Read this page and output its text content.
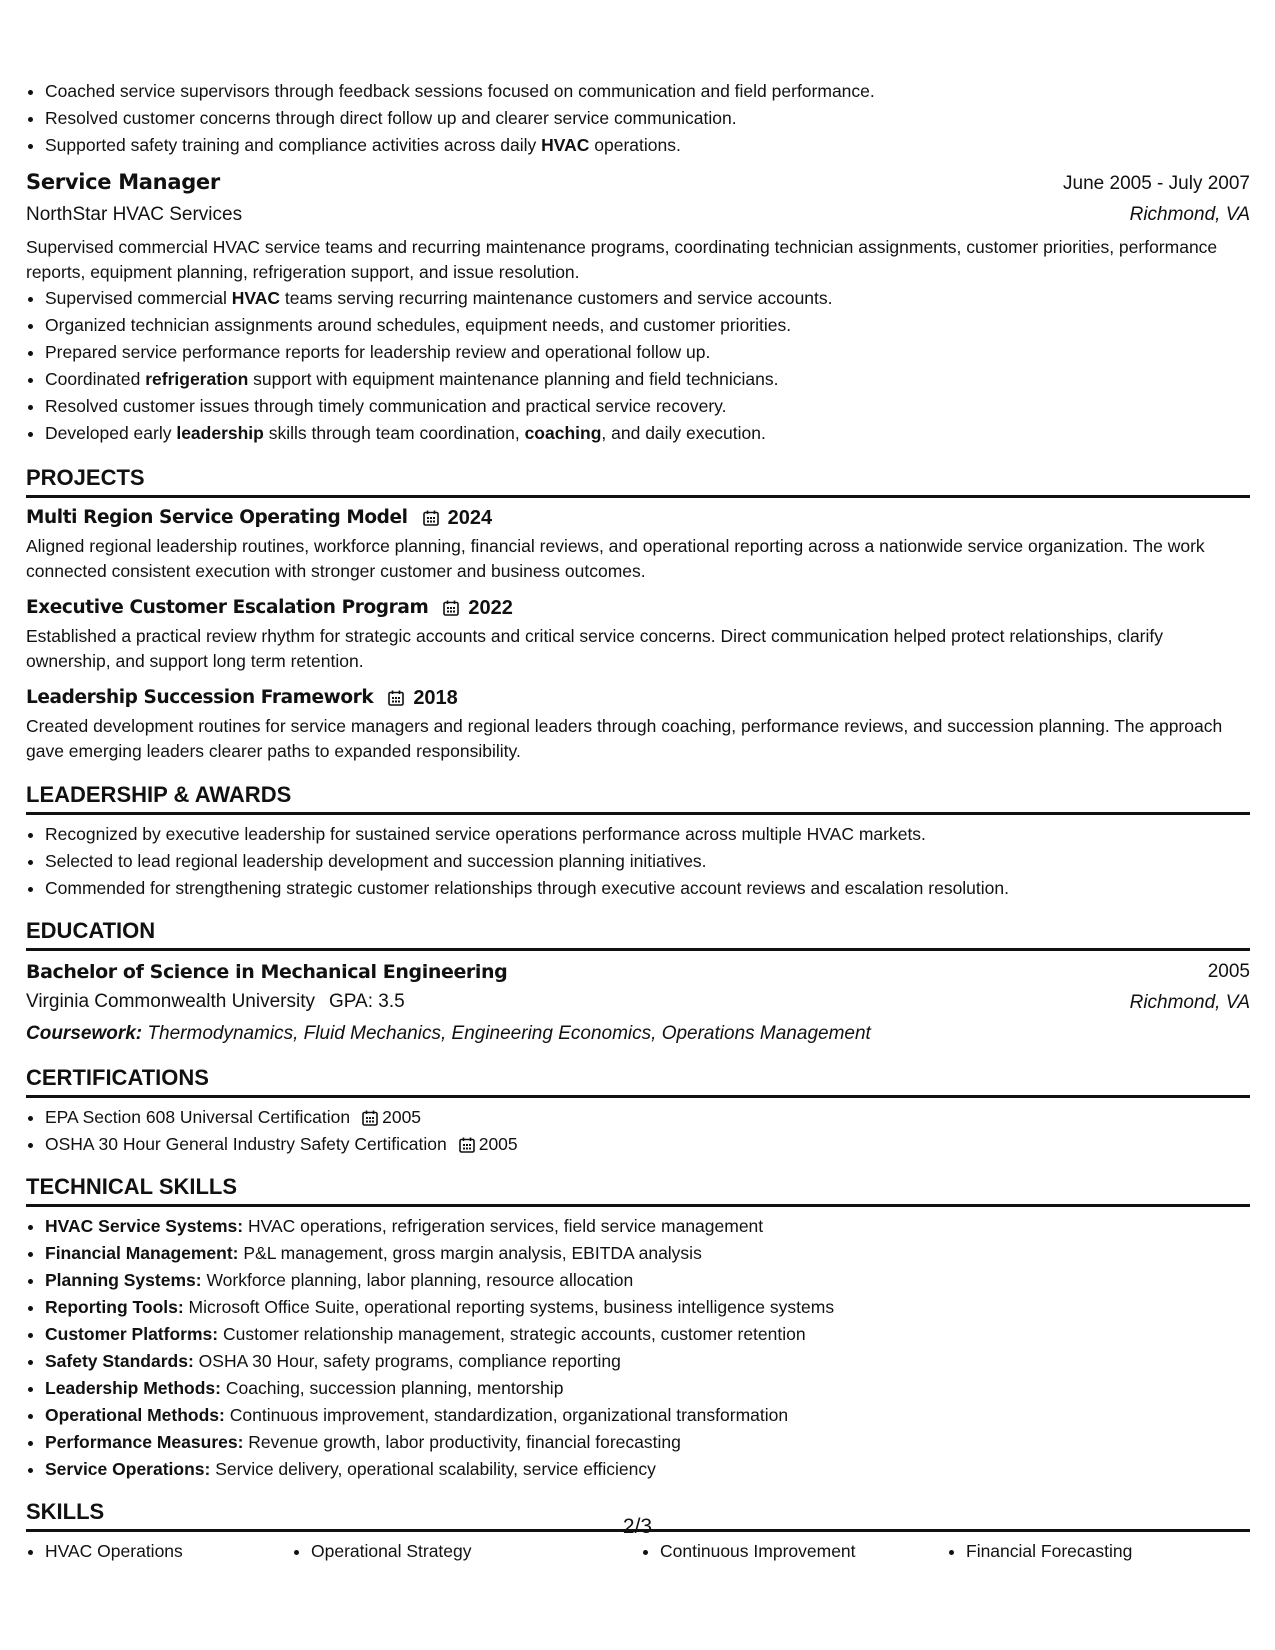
• Coached service supervisors through feedback sessions focused on communication and field performance.
• Resolved customer concerns through direct follow up and clearer service communication.
• Supported safety training and compliance activities across daily HVAC operations.
Service Manager	June 2005 - July 2007
NorthStar HVAC Services	Richmond, VA
Supervised commercial HVAC service teams and recurring maintenance programs, coordinating technician assignments, customer priorities, performance reports, equipment planning, refrigeration support, and issue resolution.
• Supervised commercial HVAC teams serving recurring maintenance customers and service accounts.
• Organized technician assignments around schedules, equipment needs, and customer priorities.
• Prepared service performance reports for leadership review and operational follow up.
• Coordinated refrigeration support with equipment maintenance planning and field technicians.
• Resolved customer issues through timely communication and practical service recovery.
• Developed early leadership skills through team coordination, coaching, and daily execution.
PROJECTS
Multi Region Service Operating Model 2024
Aligned regional leadership routines, workforce planning, financial reviews, and operational reporting across a nationwide service organization. The work connected consistent execution with stronger customer and business outcomes.
Executive Customer Escalation Program 2022
Established a practical review rhythm for strategic accounts and critical service concerns. Direct communication helped protect relationships, clarify ownership, and support long term retention.
Leadership Succession Framework 2018
Created development routines for service managers and regional leaders through coaching, performance reviews, and succession planning. The approach gave emerging leaders clearer paths to expanded responsibility.
LEADERSHIP & AWARDS
• Recognized by executive leadership for sustained service operations performance across multiple HVAC markets.
• Selected to lead regional leadership development and succession planning initiatives.
• Commended for strengthening strategic customer relationships through executive account reviews and escalation resolution.
EDUCATION
Bachelor of Science in Mechanical Engineering	2005
Virginia Commonwealth University GPA: 3.5	Richmond, VA
Coursework: Thermodynamics, Fluid Mechanics, Engineering Economics, Operations Management
CERTIFICATIONS
• EPA Section 608 Universal Certification 2005
• OSHA 30 Hour General Industry Safety Certification 2005
TECHNICAL SKILLS
• HVAC Service Systems: HVAC operations, refrigeration services, field service management
• Financial Management: P&L management, gross margin analysis, EBITDA analysis
• Planning Systems: Workforce planning, labor planning, resource allocation
• Reporting Tools: Microsoft Office Suite, operational reporting systems, business intelligence systems
• Customer Platforms: Customer relationship management, strategic accounts, customer retention
• Safety Standards: OSHA 30 Hour, safety programs, compliance reporting
• Leadership Methods: Coaching, succession planning, mentorship
• Operational Methods: Continuous improvement, standardization, organizational transformation
• Performance Measures: Revenue growth, labor productivity, financial forecasting
• Service Operations: Service delivery, operational scalability, service efficiency
SKILLS
• HVAC Operations	• Operational Strategy	• Continuous Improvement	• Financial Forecasting
2/3
